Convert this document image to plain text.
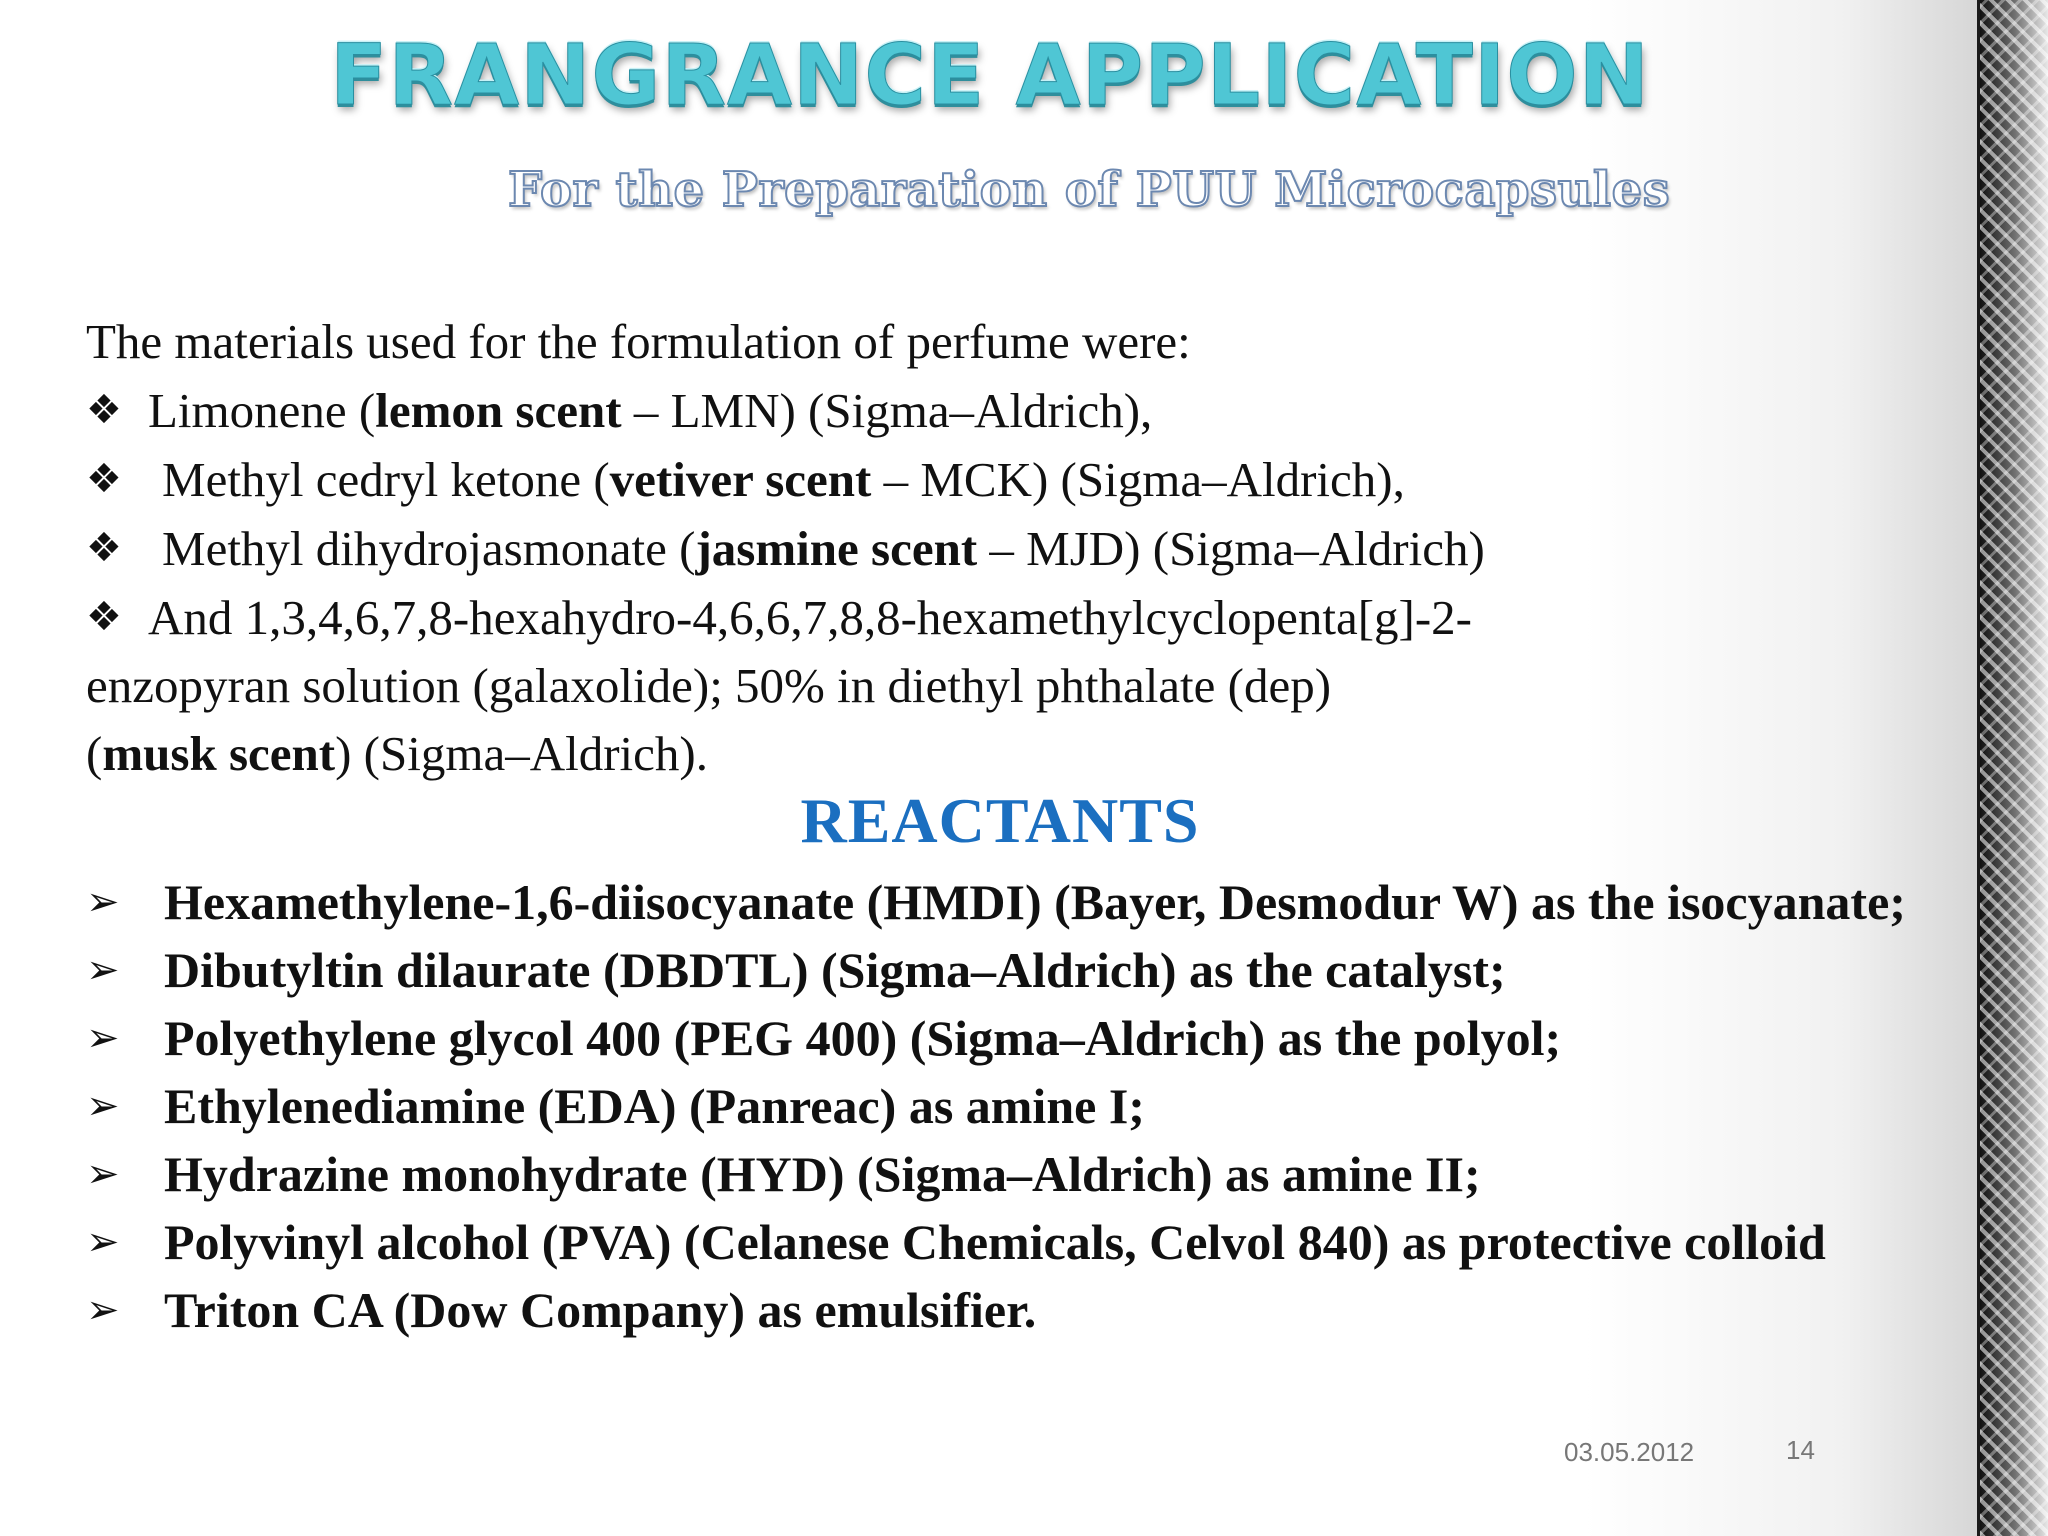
FRANGRANCE APPLICATION
For the Preparation of PUU Microcapsules
The materials used for the formulation of perfume were:
❖ Limonene (lemon scent – LMN) (Sigma–Aldrich),
❖ Methyl cedryl ketone (vetiver scent – MCK) (Sigma–Aldrich),
❖ Methyl dihydrojasmonate (jasmine scent – MJD) (Sigma–Aldrich)
❖ And 1,3,4,6,7,8-hexahydro-4,6,6,7,8,8-hexamethylcyclopenta[g]-2-
enzopyran solution (galaxolide); 50% in diethyl phthalate (dep)
(musk scent) (Sigma–Aldrich).
REACTANTS
➢ Hexamethylene-1,6-diisocyanate (HMDI) (Bayer, Desmodur W) as the isocyanate;
➢ Dibutyltin dilaurate (DBDTL) (Sigma–Aldrich) as the catalyst;
➢ Polyethylene glycol 400 (PEG 400) (Sigma–Aldrich) as the polyol;
➢ Ethylenediamine (EDA) (Panreac) as amine I;
➢ Hydrazine monohydrate (HYD) (Sigma–Aldrich) as amine II;
➢ Polyvinyl alcohol (PVA) (Celanese Chemicals, Celvol 840) as protective colloid
➢ Triton CA (Dow Company) as emulsifier.
03.05.2012	14
